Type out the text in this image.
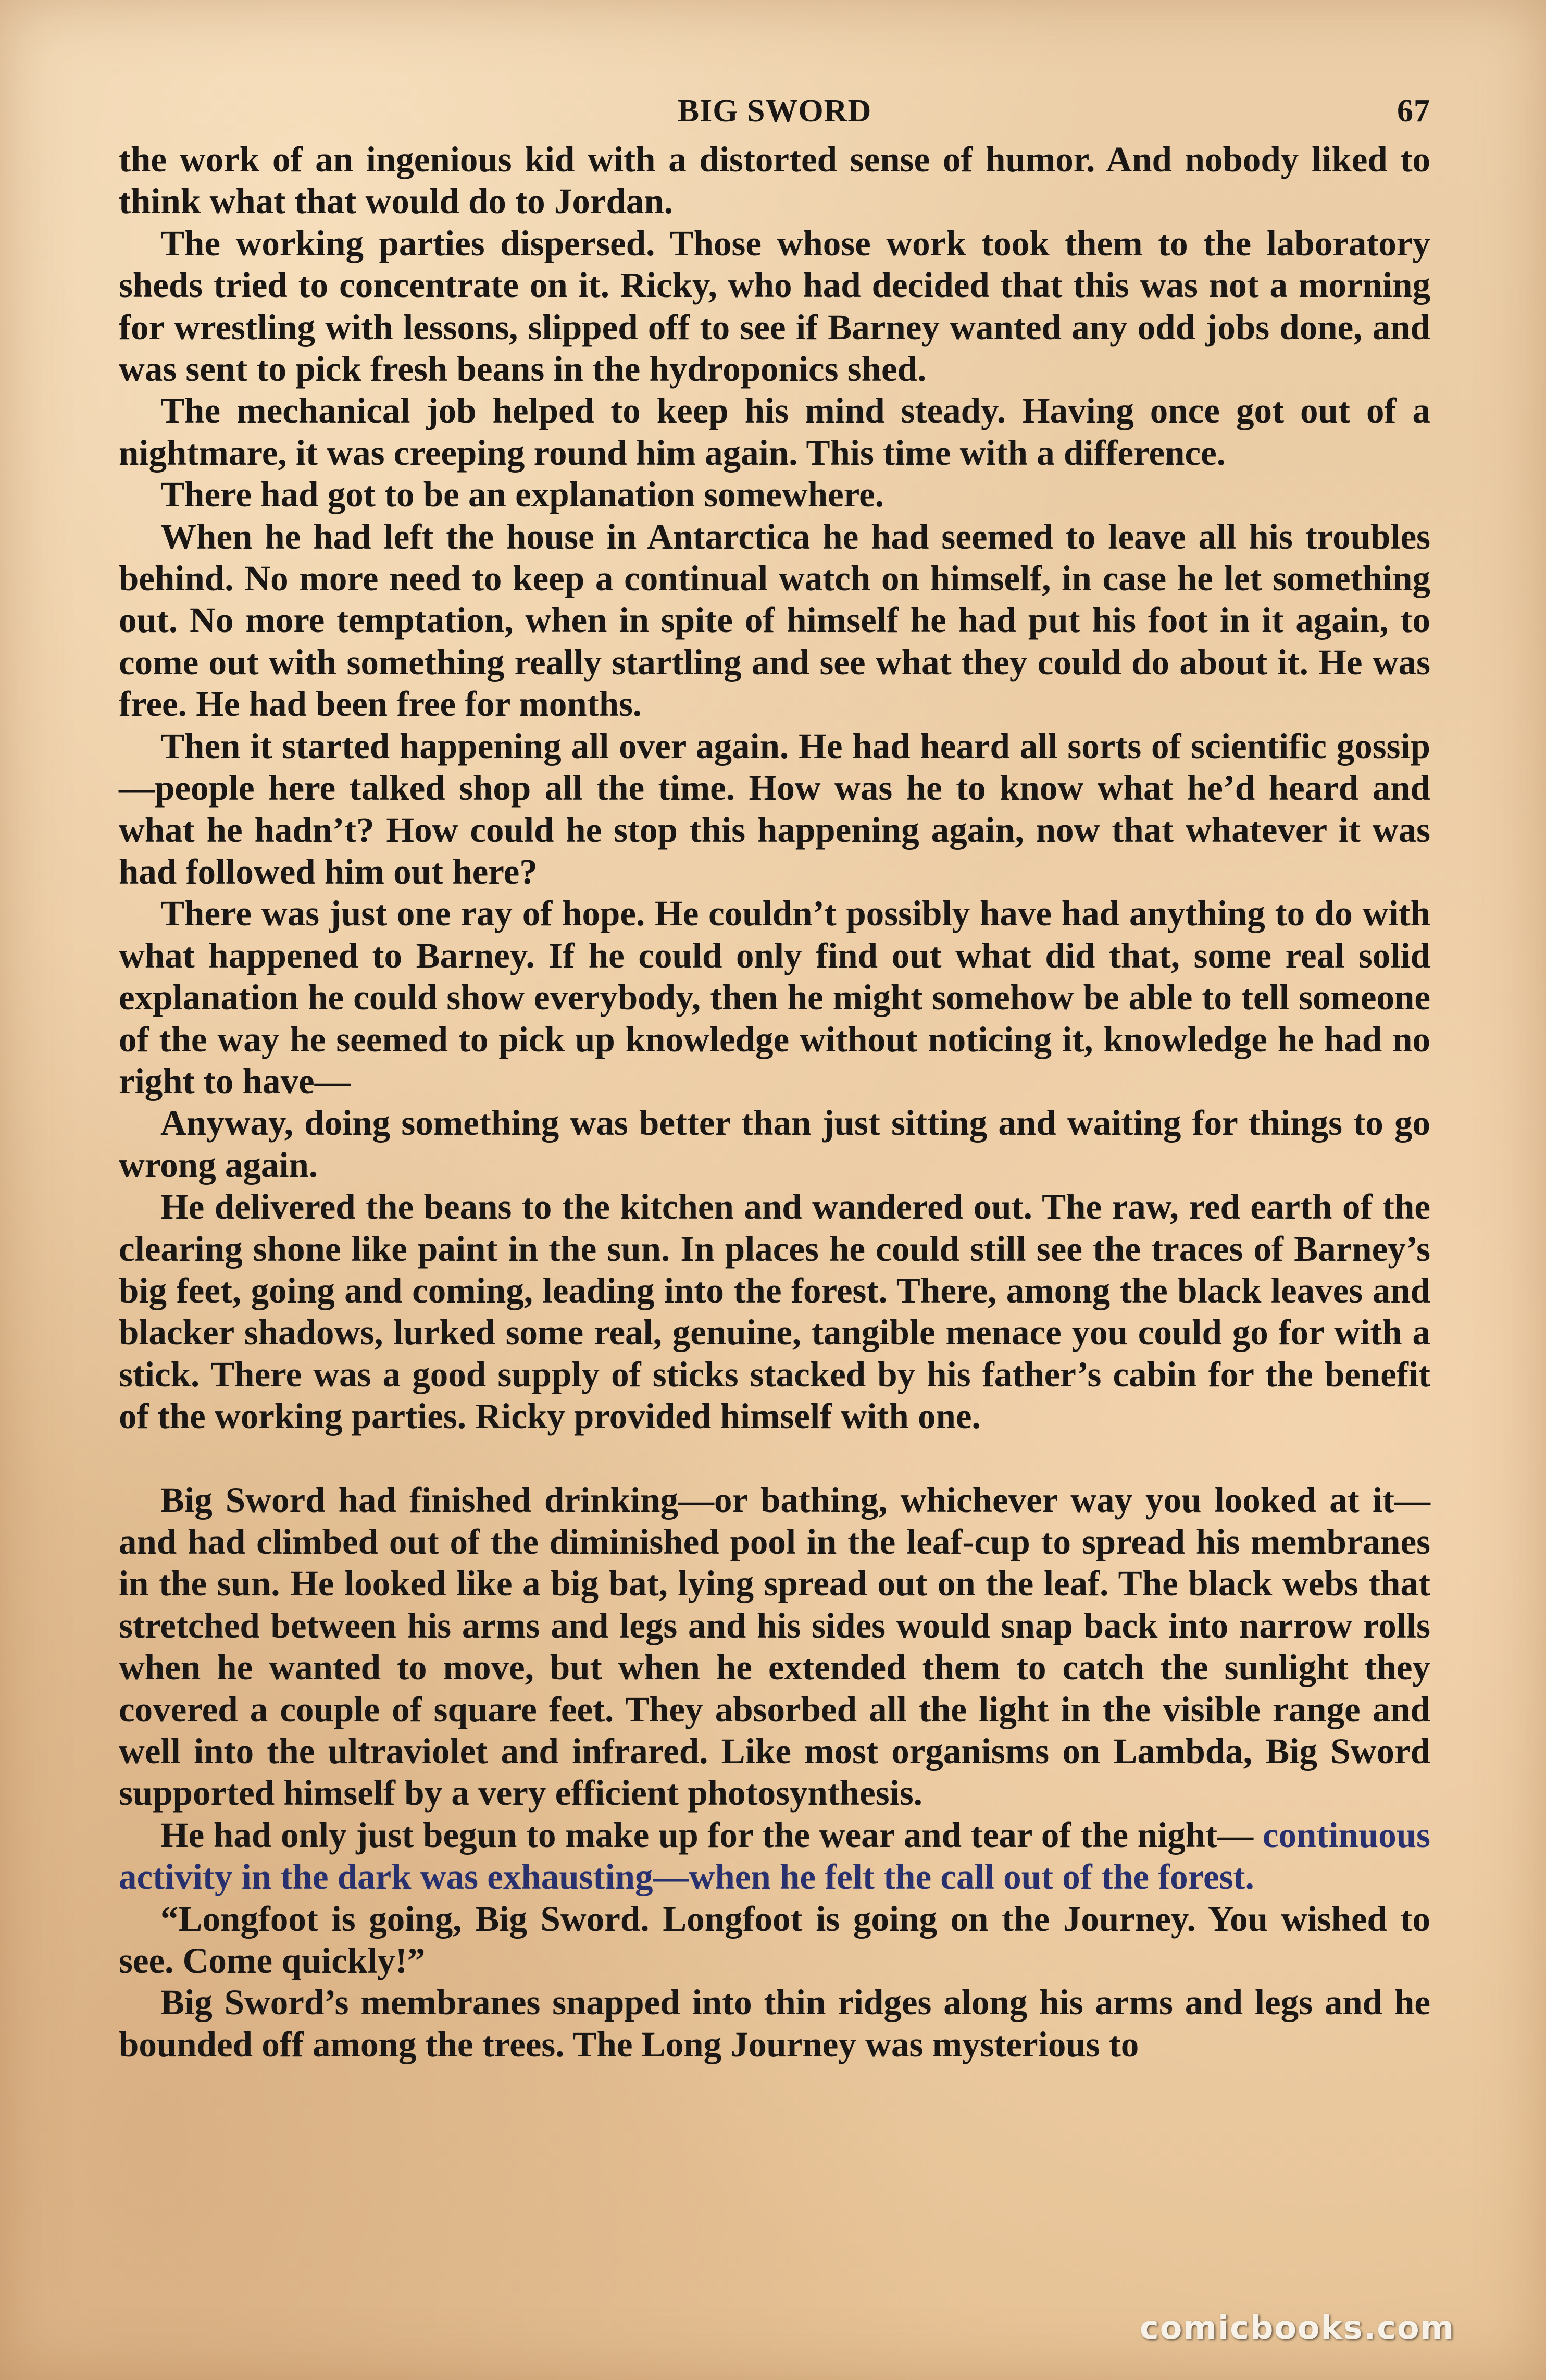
BIG SWORD	67

the work of an ingenious kid with a distorted sense of humor. And nobody liked to think what that would do to Jordan.

The working parties dispersed. Those whose work took them to the laboratory sheds tried to concentrate on it. Ricky, who had decided that this was not a morning for wrestling with lessons, slipped off to see if Barney wanted any odd jobs done, and was sent to pick fresh beans in the hydroponics shed.

The mechanical job helped to keep his mind steady. Having once got out of a nightmare, it was creeping round him again. This time with a difference.

There had got to be an explanation somewhere.

When he had left the house in Antarctica he had seemed to leave all his troubles behind. No more need to keep a continual watch on himself, in case he let something out. No more temptation, when in spite of himself he had put his foot in it again, to come out with something really startling and see what they could do about it. He was free. He had been free for months.

Then it started happening all over again. He had heard all sorts of scientific gossip—people here talked shop all the time. How was he to know what he’d heard and what he hadn’t? How could he stop this happening again, now that whatever it was had followed him out here?

There was just one ray of hope. He couldn’t possibly have had anything to do with what happened to Barney. If he could only find out what did that, some real solid explanation he could show everybody, then he might somehow be able to tell someone of the way he seemed to pick up knowledge without noticing it, knowledge he had no right to have—

Anyway, doing something was better than just sitting and waiting for things to go wrong again.

He delivered the beans to the kitchen and wandered out. The raw, red earth of the clearing shone like paint in the sun. In places he could still see the traces of Barney’s big feet, going and coming, leading into the forest. There, among the black leaves and blacker shadows, lurked some real, genuine, tangible menace you could go for with a stick. There was a good supply of sticks stacked by his father’s cabin for the benefit of the working parties. Ricky provided himself with one.

Big Sword had finished drinking—or bathing, whichever way you looked at it—and had climbed out of the diminished pool in the leaf-cup to spread his membranes in the sun. He looked like a big bat, lying spread out on the leaf. The black webs that stretched between his arms and legs and his sides would snap back into narrow rolls when he wanted to move, but when he extended them to catch the sunlight they covered a couple of square feet. They absorbed all the light in the visible range and well into the ultraviolet and infrared. Like most organisms on Lambda, Big Sword supported himself by a very efficient photosynthesis.

He had only just begun to make up for the wear and tear of the night— continuous activity in the dark was exhausting—when he felt the call out of the forest.

“Longfoot is going, Big Sword. Longfoot is going on the Journey. You wished to see. Come quickly!”

Big Sword’s membranes snapped into thin ridges along his arms and legs and he bounded off among the trees. The Long Journey was mysterious to

comicbooks.com
